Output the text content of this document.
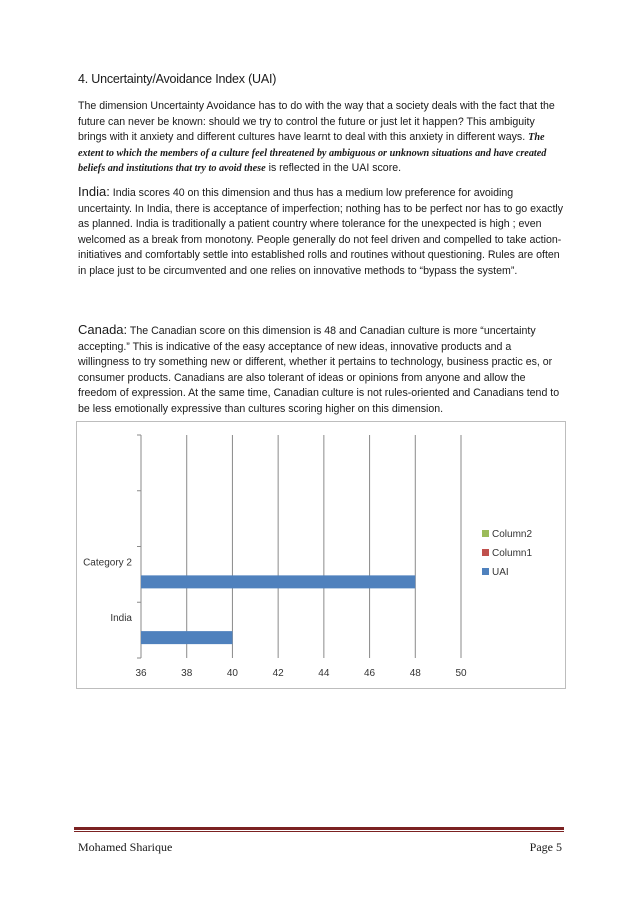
4. Uncertainty/Avoidance Index (UAI)
The dimension Uncertainty Avoidance has to do with the way that a society deals with the fact that the future can never be known: should we try to control the future or just let it happen? This ambiguity brings with it anxiety and different cultures have learnt to deal with this anxiety in different ways. The extent to which the members of a culture feel threatened by ambiguous or unknown situations and have created beliefs and institutions that try to avoid these is reflected in the UAI score.
India: India scores 40 on this dimension and thus has a medium low preference for avoiding uncertainty. In India, there is acceptance of imperfection; nothing has to be perfect nor has to go exactly as planned. India is traditionally a patient country where tolerance for the unexpected is high ; even welcomed as a break from monotony. People generally do not feel driven and compelled to take action-initiatives and comfortably settle into established rolls and routines without questioning. Rules are often in place just to be circumvented and one relies on innovative methods to “bypass the system”.
Canada: The Canadian score on this dimension is 48 and Canadian culture is more “uncertainty accepting.” This is indicative of the easy acceptance of new ideas, innovative products and a willingness to try something new or different, whether it pertains to technology, business practic es, or consumer products. Canadians are also tolerant of ideas or opinions from anyone and allow the freedom of expression. At the same time, Canadian culture is not rules-oriented and Canadians tend to be less emotionally expressive than cultures scoring higher on this dimension.
36	38	40	42	44	46	48	50
India
Category 2
Column2
Column1
UAI
Mohamed Sharique	Page 5
